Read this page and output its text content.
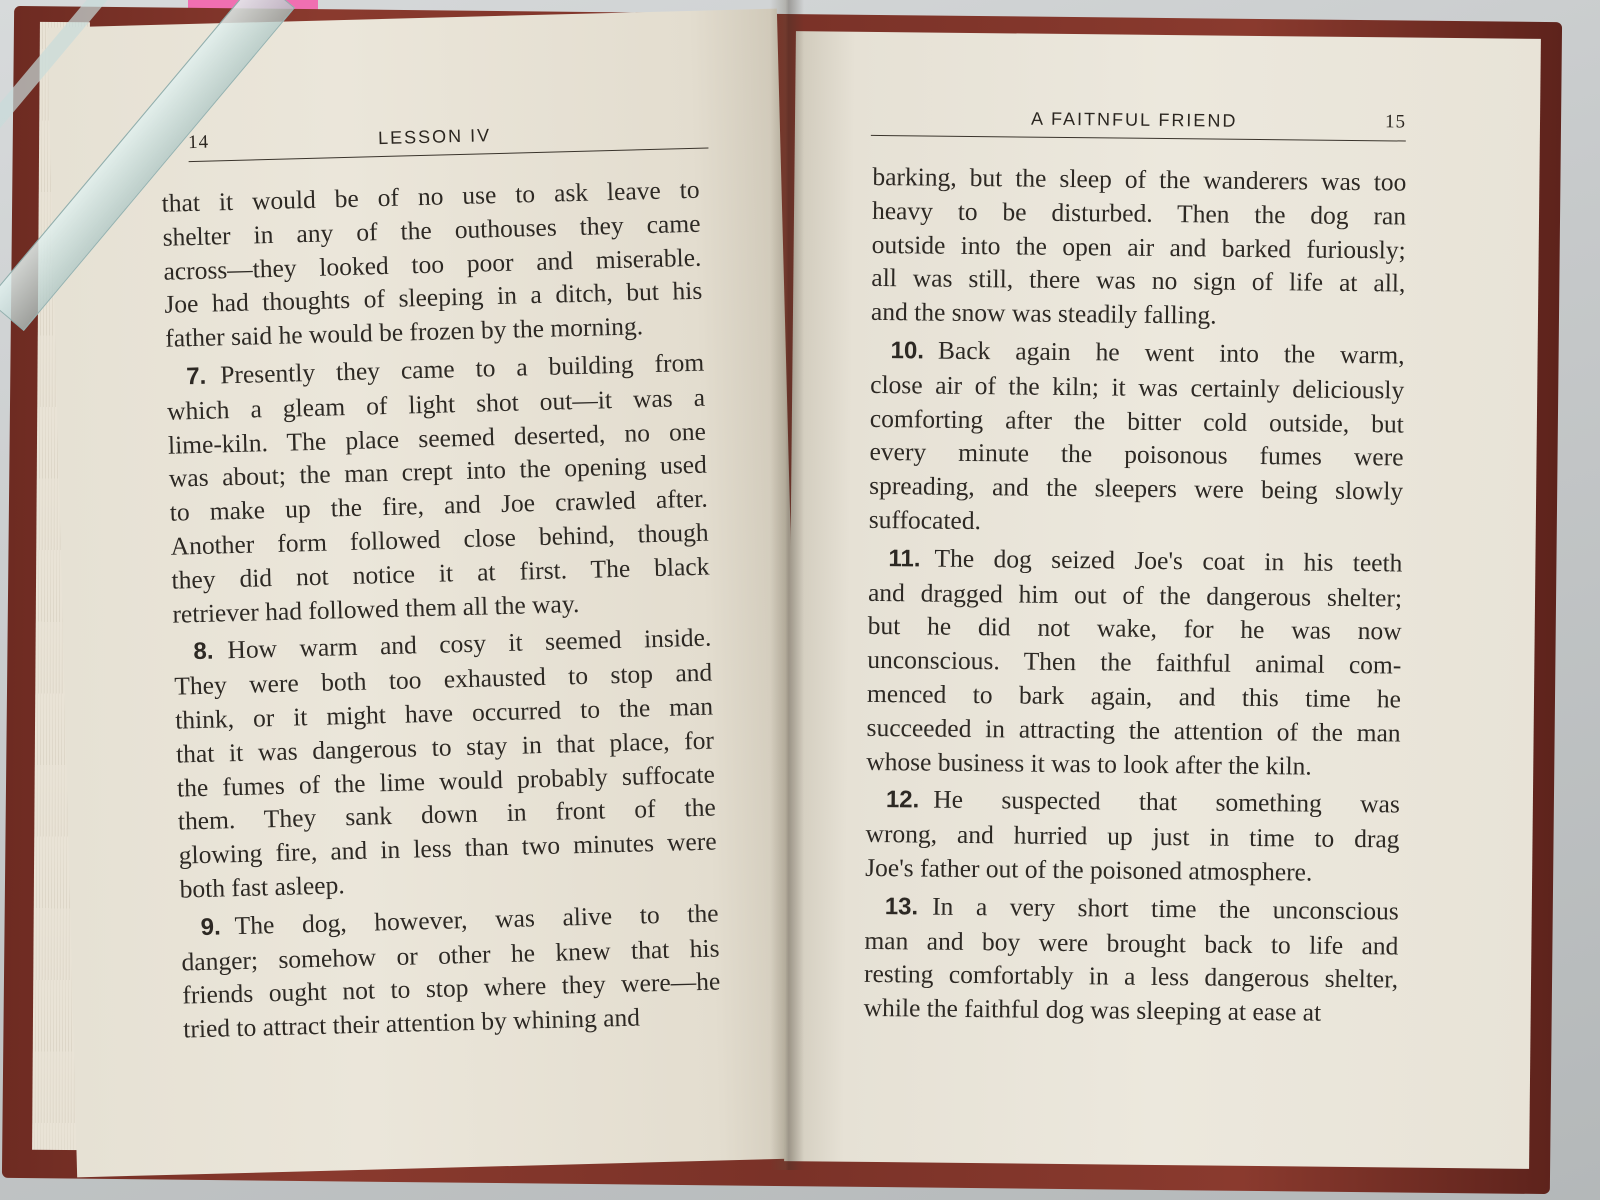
14	LESSON IV
that it would be of no use to ask leave to
shelter in any of the outhouses they came
across—they looked too poor and miserable.
Joe had thoughts of sleeping in a ditch, but his
father said he would be frozen by the morning.
7. Presently they came to a building from
which a gleam of light shot out—it was a
lime-kiln. The place seemed deserted, no one
was about; the man crept into the opening used
to make up the fire, and Joe crawled after.
Another form followed close behind, though
they did not notice it at first. The black
retriever had followed them all the way.
8. How warm and cosy it seemed inside.
They were both too exhausted to stop and
think, or it might have occurred to the man
that it was dangerous to stay in that place, for
the fumes of the lime would probably suffocate
them. They sank down in front of the
glowing fire, and in less than two minutes were
both fast asleep.
9. The dog, however, was alive to the
danger; somehow or other he knew that his
friends ought not to stop where they were—he
tried to attract their attention by whining and
A FAITNFUL FRIEND	15
barking, but the sleep of the wanderers was too
heavy to be disturbed. Then the dog ran
outside into the open air and barked furiously;
all was still, there was no sign of life at all,
and the snow was steadily falling.
10. Back again he went into the warm,
close air of the kiln; it was certainly deliciously
comforting after the bitter cold outside, but
every minute the poisonous fumes were
spreading, and the sleepers were being slowly
suffocated.
11. The dog seized Joe's coat in his teeth
and dragged him out of the dangerous shelter;
but he did not wake, for he was now
unconscious. Then the faithful animal com-
menced to bark again, and this time he
succeeded in attracting the attention of the man
whose business it was to look after the kiln.
12. He suspected that something was
wrong, and hurried up just in time to drag
Joe's father out of the poisoned atmosphere.
13. In a very short time the unconscious
man and boy were brought back to life and
resting comfortably in a less dangerous shelter,
while the faithful dog was sleeping at ease at
